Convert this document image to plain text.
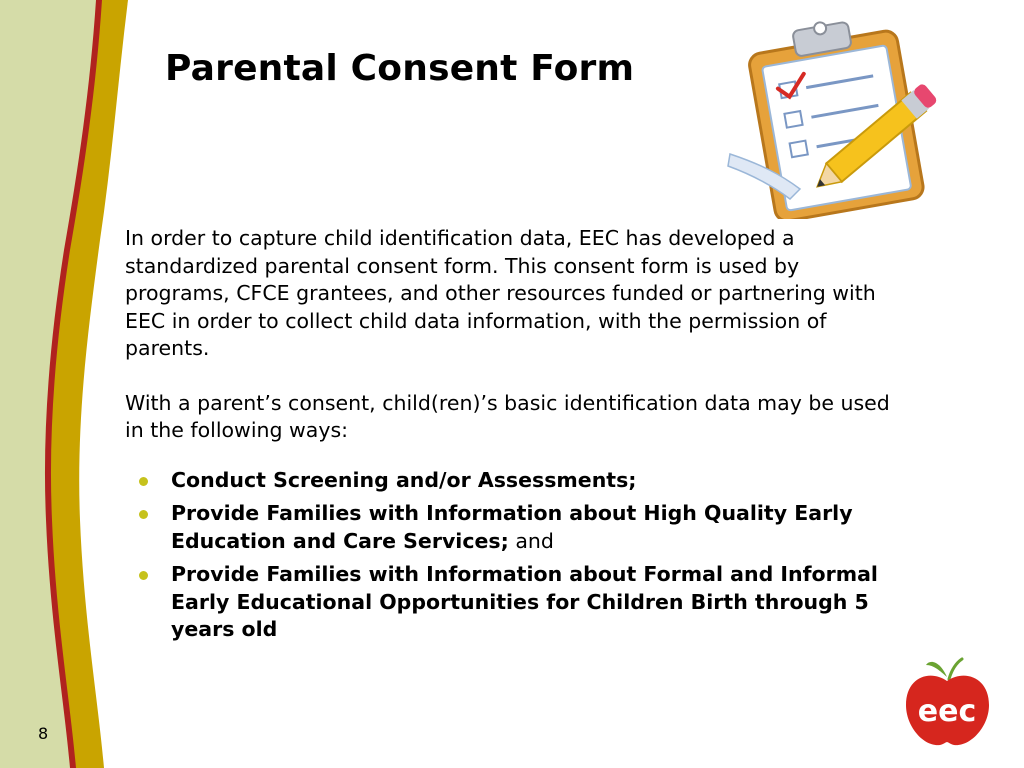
Parental Consent Form

In order to capture child identification data, EEC has developed a standardized parental consent form. This consent form is used by programs, CFCE grantees, and other resources funded or partnering with EEC in order to collect child data information, with the permission of parents.

With a parent’s consent, child(ren)’s basic identification data may be used in the following ways:

Conduct Screening and/or Assessments;
Provide Families with Information about High Quality Early Education and Care Services; and
Provide Families with Information about Formal and Informal Early Educational Opportunities for Children Birth through 5 years old
8
eec
